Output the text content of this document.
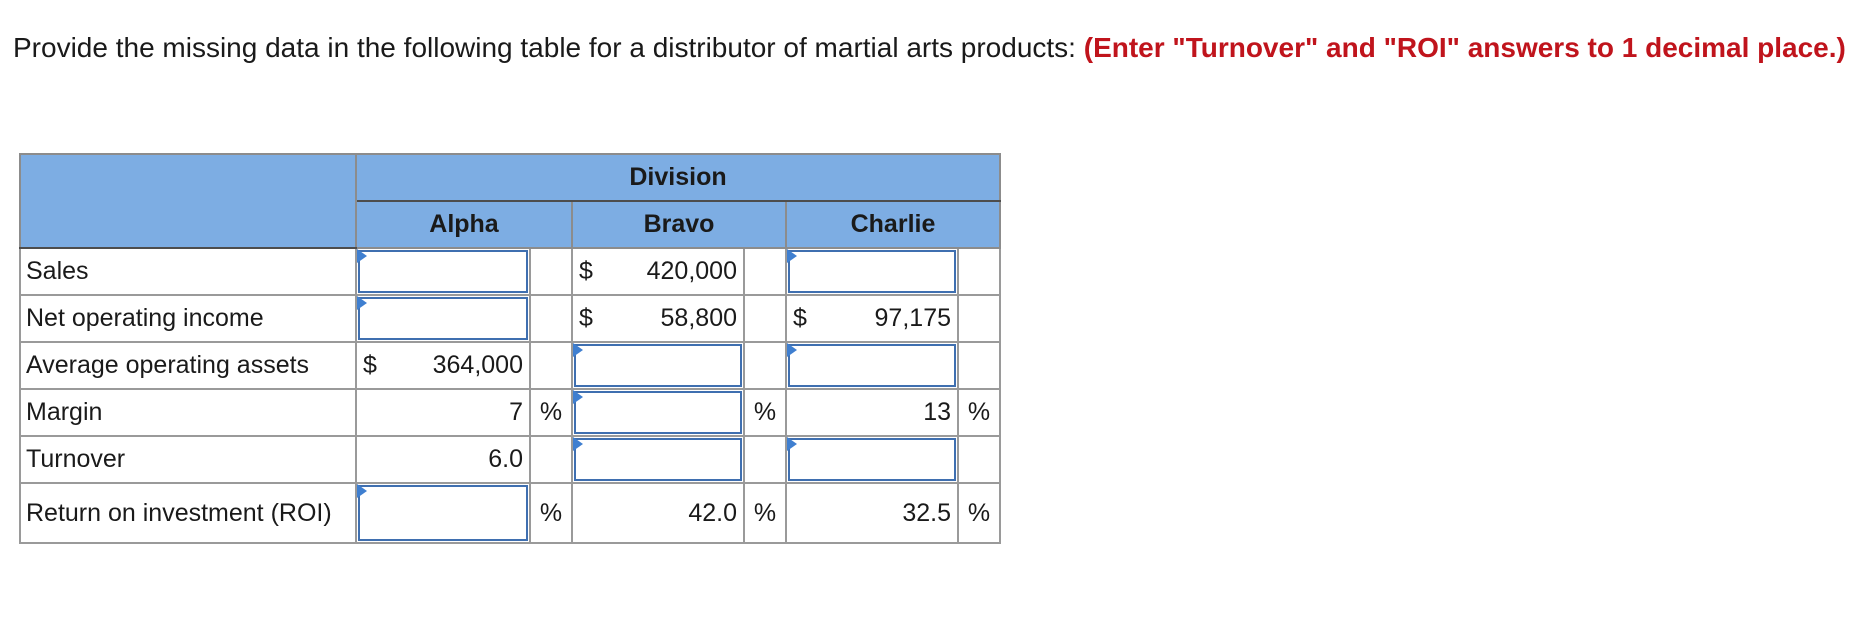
Provide the missing data in the following table for a distributor of martial arts products: (Enter "Turnover" and "ROI" answers to 1 decimal place.)
	Division					
	Alpha		Bravo		Charlie	
Sales			$ 420,000

Net operating income			$ 58,800		$ 97,175	

Average operating assets	$ 364,000

Margin	7	%		%	13	%
Turnover	6.0		

Return on investment (ROI)		%	42.0	%	32.5	%
